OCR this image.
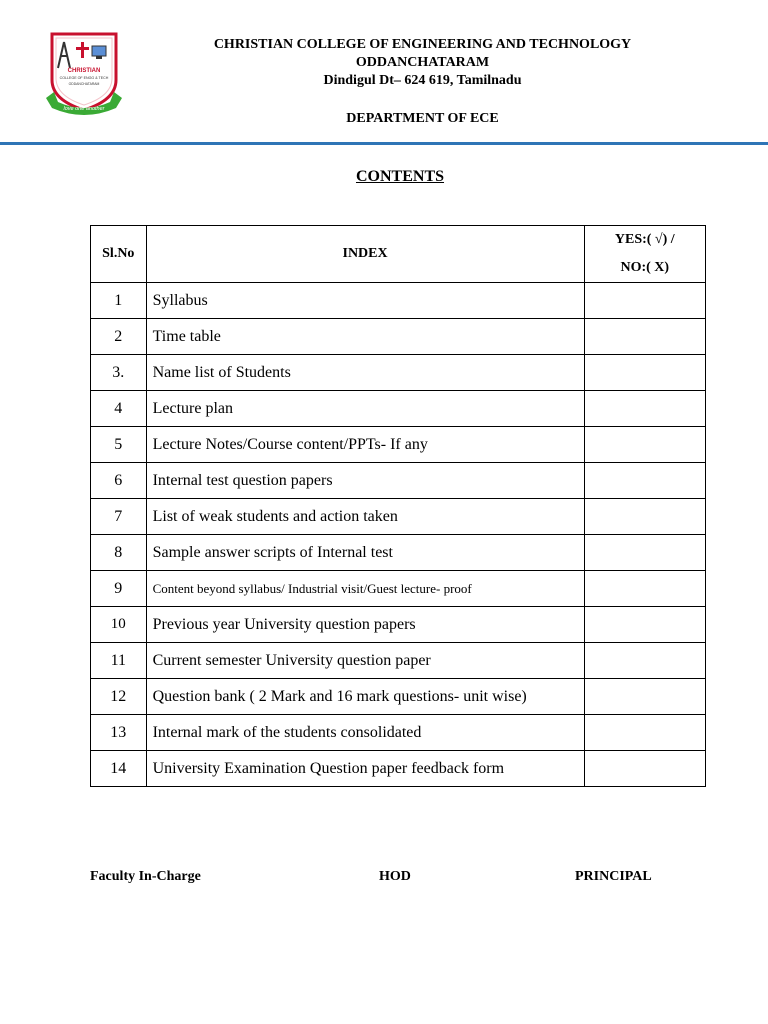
CHRISTIAN
COLLEGE OF ENGG & TECH
ODDANCHATARAM
love one another
CHRISTIAN COLLEGE OF ENGINEERING AND TECHNOLOGY
ODDANCHATARAM
Dindigul Dt– 624 619, Tamilnadu
DEPARTMENT OF ECE
CONTENTS
Sl.No	INDEX	YES:( √) /
NO:( X)

1	Syllabus	
2	Time table	
3.	Name list of Students	
4	Lecture plan	
5	Lecture Notes/Course content/PPTs- If any	
6	Internal test question papers	
7	List of weak students and action taken	
8	Sample answer scripts of Internal test	
9	Content beyond syllabus/ Industrial visit/Guest lecture- proof	
10	Previous year University question papers	
11	Current semester University question paper	
12	Question bank ( 2 Mark and 16 mark questions- unit wise)	
13	Internal mark of the students consolidated	
14	University Examination Question paper feedback form	
Faculty In-Charge	HOD	PRINCIPAL
